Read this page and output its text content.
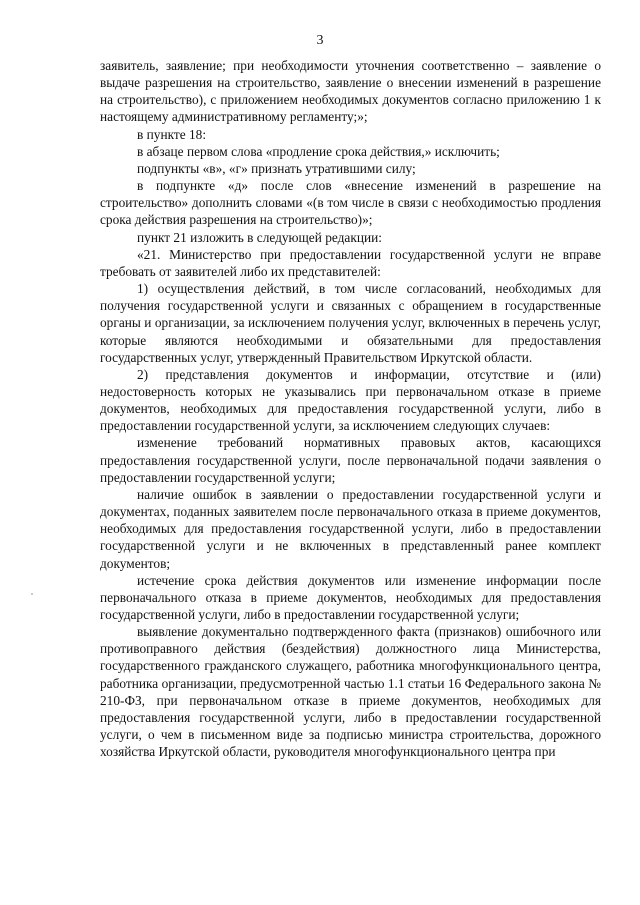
3

заявитель, заявление; при необходимости уточнения соответственно – заявление о выдаче разрешения на строительство, заявление о внесении изменений в разрешение на строительство), с приложением необходимых документов согласно приложению 1 к настоящему административному регламенту;»;

в пункте 18:

в абзаце первом слова «продление срока действия,» исключить;

подпункты «в», «г» признать утратившими силу;

в подпункте «д» после слов «внесение изменений в разрешение на строительство» дополнить словами «(в том числе в связи с необходимостью продления срока действия разрешения на строительство)»;

пункт 21 изложить в следующей редакции:

«21. Министерство при предоставлении государственной услуги не вправе требовать от заявителей либо их представителей:

1) осуществления действий, в том числе согласований, необходимых для получения государственной услуги и связанных с обращением в государственные органы и организации, за исключением получения услуг, включенных в перечень услуг, которые являются необходимыми и обязательными для предоставления государственных услуг, утвержденный Правительством Иркутской области.

2) представления документов и информации, отсутствие и (или) недостоверность которых не указывались при первоначальном отказе в приеме документов, необходимых для предоставления государственной услуги, либо в предоставлении государственной услуги, за исключением следующих случаев:

изменение требований нормативных правовых актов, касающихся предоставления государственной услуги, после первоначальной подачи заявления о предоставлении государственной услуги;

наличие ошибок в заявлении о предоставлении государственной услуги и документах, поданных заявителем после первоначального отказа в приеме документов, необходимых для предоставления государственной услуги, либо в предоставлении государственной услуги и не включенных в представленный ранее комплект документов;

истечение срока действия документов или изменение информации после первоначального отказа в приеме документов, необходимых для предоставления государственной услуги, либо в предоставлении государственной услуги;

выявление документально подтвержденного факта (признаков) ошибочного или противоправного действия (бездействия) должностного лица Министерства, государственного гражданского служащего, работника многофункционального центра, работника организации, предусмотренной частью 1.1 статьи 16 Федерального закона № 210-ФЗ, при первоначальном отказе в приеме документов, необходимых для предоставления государственной услуги, либо в предоставлении государственной услуги, о чем в письменном виде за подписью министра строительства, дорожного хозяйства Иркутской области, руководителя многофункционального центра при
